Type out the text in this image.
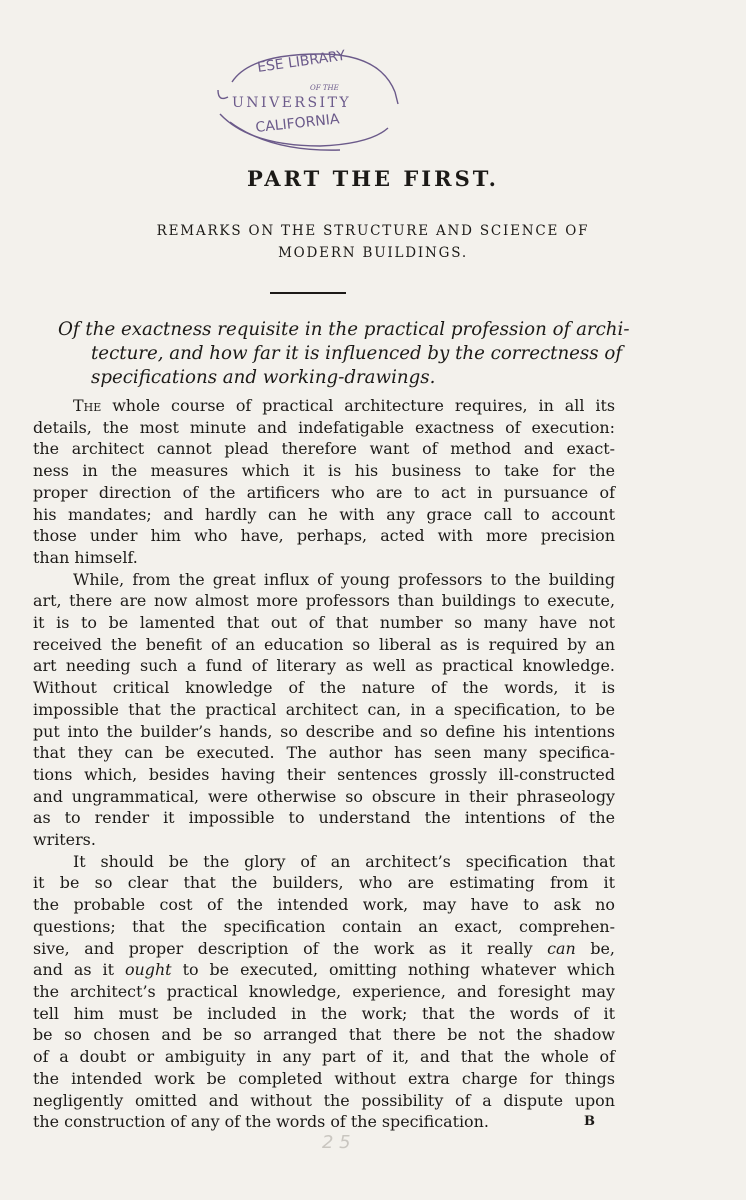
ESE LIBRARY
OF THE
UNIVERSITY
CALIFORNIA
PART THE FIRST.
REMARKS ON THE STRUCTURE AND SCIENCE OF
MODERN BUILDINGS.
Of the exactness requisite in the practical profession of archi-
tecture, and how far it is influenced by the correctness of
specifications and working-drawings.
The whole course of practical architecture requires, in all its
details, the most minute and indefatigable exactness of execution:
the architect cannot plead therefore want of method and exact-
ness in the measures which it is his business to take for the
proper direction of the artificers who are to act in pursuance of
his mandates; and hardly can he with any grace call to account
those under him who have, perhaps, acted with more precision
than himself.
While, from the great influx of young professors to the building
art, there are now almost more professors than buildings to execute,
it is to be lamented that out of that number so many have not
received the benefit of an education so liberal as is required by an
art needing such a fund of literary as well as practical knowledge.
Without critical knowledge of the nature of the words, it is
impossible that the practical architect can, in a specification, to be
put into the builder’s hands, so describe and so define his intentions
that they can be executed. The author has seen many specifica-
tions which, besides having their sentences grossly ill-constructed
and ungrammatical, were otherwise so obscure in their phraseology
as to render it impossible to understand the intentions of the
writers.
It should be the glory of an architect’s specification that
it be so clear that the builders, who are estimating from it
the probable cost of the intended work, may have to ask no
questions; that the specification contain an exact, comprehen-
sive, and proper description of the work as it really can be,
and as it ought to be executed, omitting nothing whatever which
the architect’s practical knowledge, experience, and foresight may
tell him must be included in the work; that the words of it
be so chosen and be so arranged that there be not the shadow
of a doubt or ambiguity in any part of it, and that the whole of
the intended work be completed without extra charge for things
negligently omitted and without the possibility of a dispute upon
the construction of any of the words of the specification.	B
2 5
